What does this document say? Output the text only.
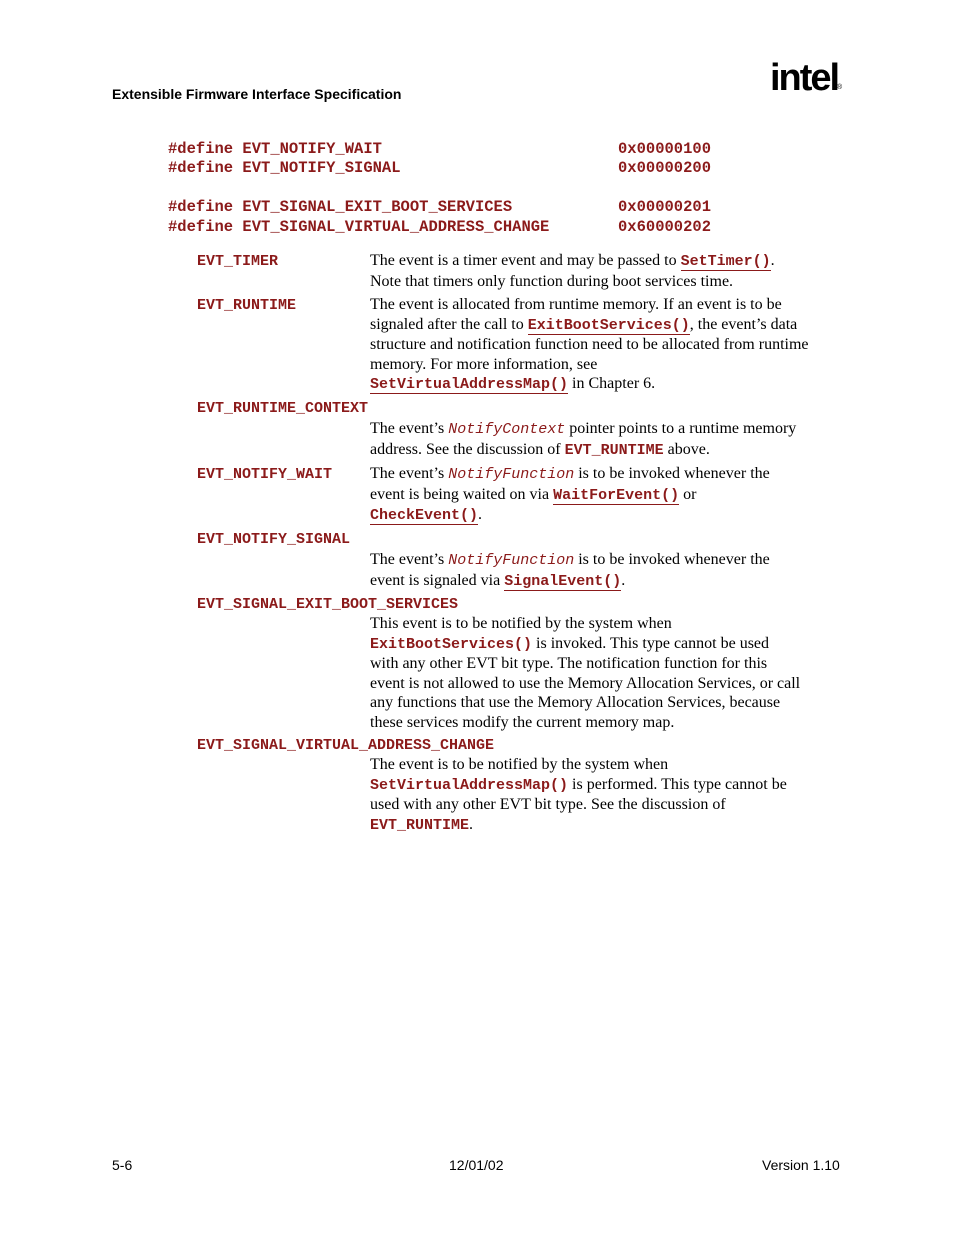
Extensible Firmware Interface Specification	intel
®
#define EVT_NOTIFY_WAIT	0x00000100
#define EVT_NOTIFY_SIGNAL	0x00000200
#define EVT_SIGNAL_EXIT_BOOT_SERVICES	0x00000201
#define EVT_SIGNAL_VIRTUAL_ADDRESS_CHANGE	0x60000202
EVT_TIMER	The event is a timer event and may be passed to SetTimer().

Note that timers only function during boot services time.

EVT_RUNTIME	The event is allocated from runtime memory. If an event is to be

signaled after the call to ExitBootServices(), the event’s data

structure and notification function need to be allocated from runtime

memory. For more information, see

SetVirtualAddressMap() in Chapter 6.

EVT_RUNTIME_CONTEXT

The event’s NotifyContext pointer points to a runtime memory

address. See the discussion of EVT_RUNTIME above.

EVT_NOTIFY_WAIT The event’s NotifyFunction is to be invoked whenever the

event is being waited on via WaitForEvent() or

CheckEvent().

EVT_NOTIFY_SIGNAL

The event’s NotifyFunction is to be invoked whenever the

event is signaled via SignalEvent().

EVT_SIGNAL_EXIT_BOOT_SERVICES

This event is to be notified by the system when

ExitBootServices() is invoked. This type cannot be used

with any other EVT bit type. The notification function for this

event is not allowed to use the Memory Allocation Services, or call

any functions that use the Memory Allocation Services, because

these services modify the current memory map.

EVT_SIGNAL_VIRTUAL_ADDRESS_CHANGE

The event is to be notified by the system when

SetVirtualAddressMap() is performed. This type cannot be

used with any other EVT bit type. See the discussion of

EVT_RUNTIME.

5-6	12/01/02	Version 1.10
